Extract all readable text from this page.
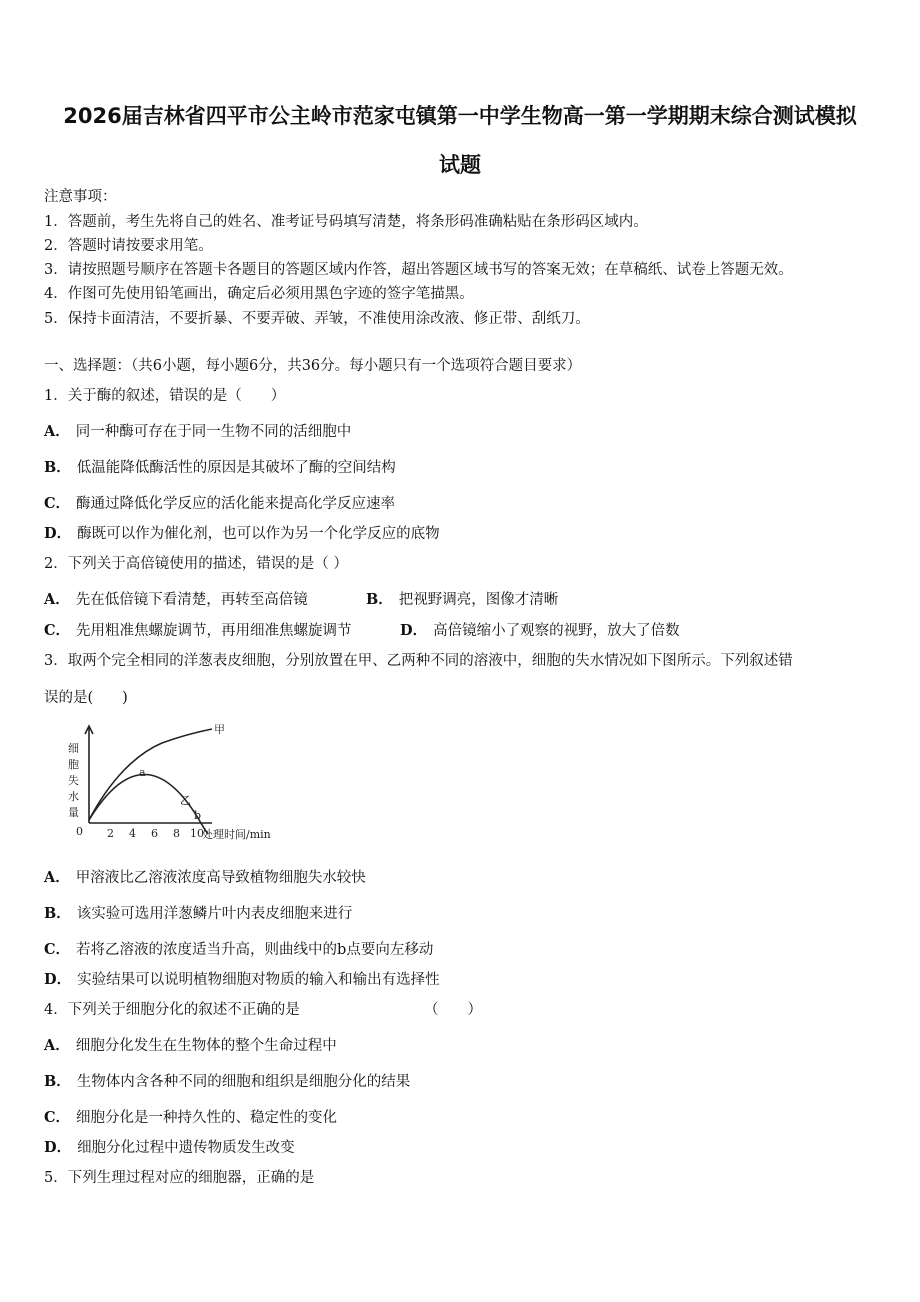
2026届吉林省四平市公主岭市范家屯镇第一中学生物高一第一学期期末综合测试模拟
试题
注意事项：
1．答题前，考生先将自己的姓名、准考证号码填写清楚，将条形码准确粘贴在条形码区域内。
2．答题时请按要求用笔。
3．请按照题号顺序在答题卡各题目的答题区域内作答，超出答题区域书写的答案无效；在草稿纸、试卷上答题无效。
4．作图可先使用铅笔画出，确定后必须用黑色字迹的签字笔描黑。
5．保持卡面清洁，不要折暴、不要弄破、弄皱，不准使用涂改液、修正带、刮纸刀。
一、选择题：（共6小题，每小题6分，共36分。每小题只有一个选项符合题目要求）
1．关于酶的叙述，错误的是（　　）
A． 同一种酶可存在于同一生物不同的活细胞中
B． 低温能降低酶活性的原因是其破坏了酶的空间结构
C． 酶通过降低化学反应的活化能来提高化学反应速率
D． 酶既可以作为催化剂，也可以作为另一个化学反应的底物
2．下列关于高倍镜使用的描述，错误的是（ ）
A． 先在低倍镜下看清楚，再转至高倍镜	B． 把视野调亮，图像才清晰
C． 先用粗准焦螺旋调节，再用细准焦螺旋调节	D． 高倍镜缩小了观察的视野，放大了倍数
3．取两个完全相同的洋葱表皮细胞，分别放置在甲、乙两种不同的溶液中，细胞的失水情况如下图所示。下列叙述错
误的是(　　)
细
胞
失
水
量
0 2 4 6 8 10
处理时间/min
甲
乙
a
b
A． 甲溶液比乙溶液浓度高导致植物细胞失水较快
B． 该实验可选用洋葱鳞片叶内表皮细胞来进行
C． 若将乙溶液的浓度适当升高，则曲线中的b点要向左移动
D． 实验结果可以说明植物细胞对物质的输入和输出有选择性
4．下列关于细胞分化的叙述不正确的是	（　　）
A． 细胞分化发生在生物体的整个生命过程中
B． 生物体内含各种不同的细胞和组织是细胞分化的结果
C． 细胞分化是一种持久性的、稳定性的变化
D． 细胞分化过程中遗传物质发生改变
5．下列生理过程对应的细胞器，正确的是
